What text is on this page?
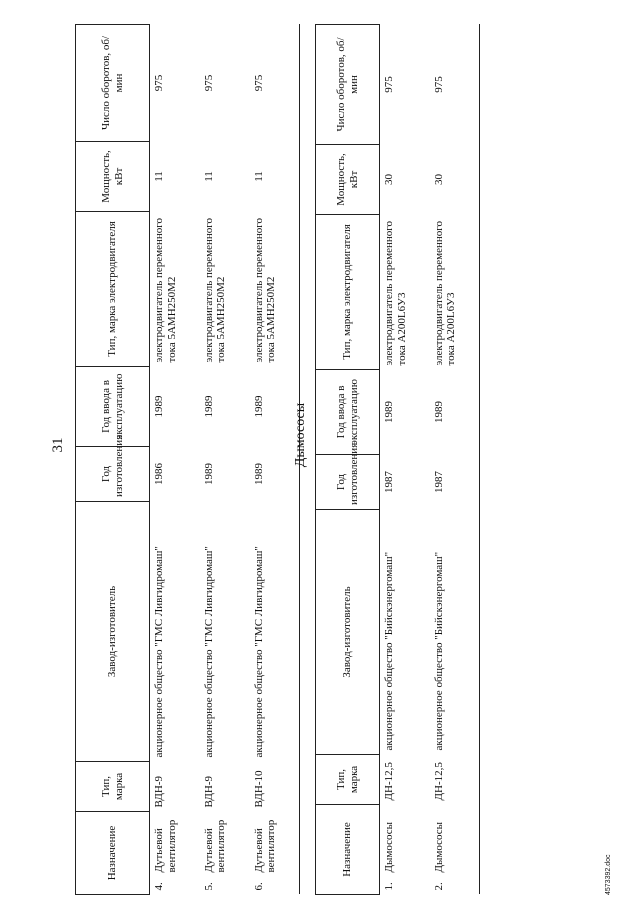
31
Назначение		Тип, марка	Завод-изготовитель	Год изготовления	Год ввода в эксплуатацию	Тип, марка электродвигателя	Мощность, кВт	Число оборотов, об/мин
4.	Дутьевой вентилятор	ВДН-9	акционерное общество "ГМС Ливгидромаш"	1986	1989	электродвигатель переменного тока 5АМН250М2	11	975
5.	Дутьевой вентилятор	ВДН-9	акционерное общество "ГМС Ливгидромаш"	1989	1989	электродвигатель переменного тока 5АМН250М2	11	975
6.	Дутьевой вентилятор	ВДН-10	акционерное общество "ГМС Ливгидромаш"	1989	1989	электродвигатель переменного тока 5АМН250М2	11	975
Дымососы
Назначение		Тип, марка	Завод-изготовитель	Год изготовления	Год ввода в эксплуатацию	Тип, марка электродвигателя	Мощность, кВт	Число оборотов, об/мин
1.	Дымососы	ДН-12,5	акционерное общество "Бийскэнергомаш"	1987	1989	электродвигатель переменного тока А200L6У3	30	975
2.	Дымососы	ДН-12,5	акционерное общество "Бийскэнергомаш"	1987	1989	электродвигатель переменного тока А200L6У3	30	975
4573392.doc
